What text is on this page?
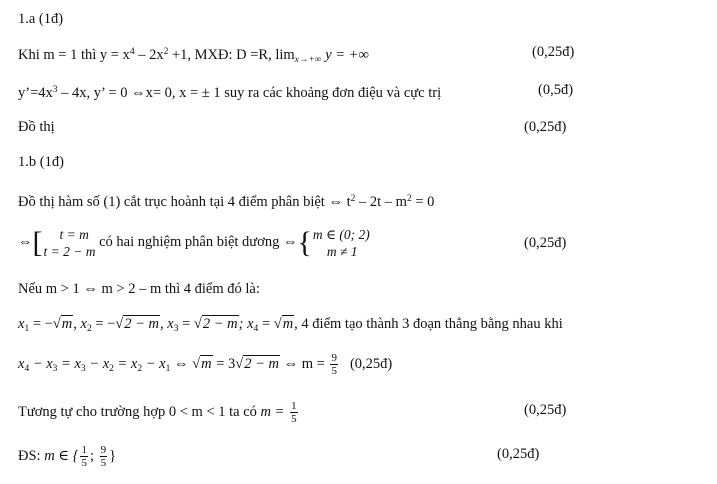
1.a (1đ)
Khi m = 1 thì $y = x^4 - 2x^2 +1$, MXĐ: D =R, $\lim_{x\to+\infty} y$ = +∞	(0,25đ)
$y’=4x^3 - 4x$, y’ = 0 ⇔x= 0, x = ± 1 suy ra các khoảng đơn điệu và cực trị	(0,5đ)
Đồ thị	(0,25đ)
1.b (1đ)
Đồ thị hàm số (1) cắt trục hoành tại 4 điểm phân biệt ⇔ $t^2 - 2t - m^2 = 0$
⇔[	t = m
t = 2 − m
có hai nghiệm phân biệt dương ⇔{ m ∈ (0; 2)
m ≠ 1
(0,25đ)
Nếu m > 1 ⇔ m > 2 – m thì 4 điểm đó là:
$x_1 = -√m$, $x_2 = -√2 - m$, $x_3 = √2 - m$; $x_4 = √m$, 4 điểm tạo thành 3 đoạn thẳng bằng nhau khi
$x_4 - x_3 = x_3 - x_2 = x_2 - x_1$ ⇔ √m = 3√2 − m ⇔ $m = \frac{9}{5}$ (0,25đ)
Tương tự cho trường hợp 0 < m < 1 ta có $m = \frac{1}{5}$	(0,25đ)
ĐS: m ∈ { $\frac{1}{5}$ ; $\frac{9}{5}$ }	(0,25đ)
